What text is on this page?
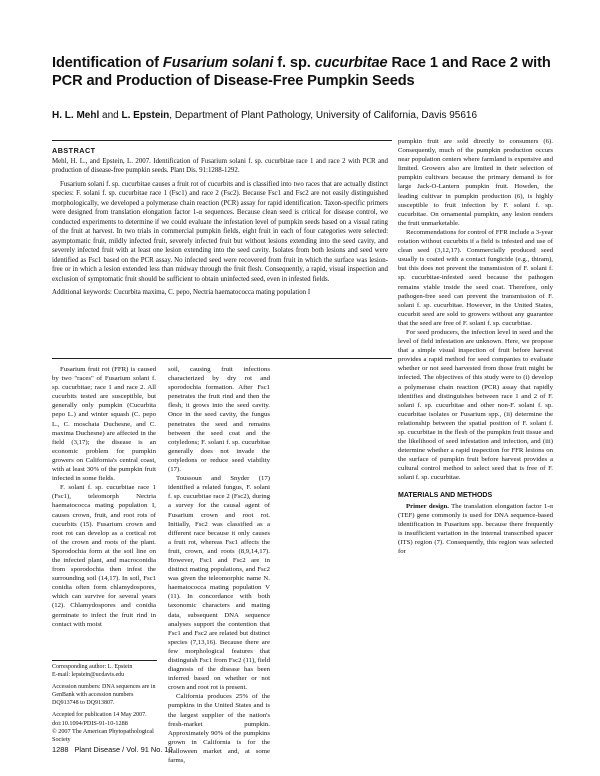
Identification of Fusarium solani f. sp. cucurbitae Race 1 and Race 2 with PCR and Production of Disease-Free Pumpkin Seeds
H. L. Mehl and L. Epstein, Department of Plant Pathology, University of California, Davis 95616
ABSTRACT

Mehl, H. L., and Epstein, L. 2007. Identification of Fusarium solani f. sp. cucurbitae race 1 and race 2 with PCR and production of disease-free pumpkin seeds. Plant Dis. 91:1288-1292.

Fusarium solani f. sp. cucurbitae causes a fruit rot of cucurbits and is classified into two races that are actually distinct species: F. solani f. sp. cucurbitae race 1 (Fsc1) and race 2 (Fsc2). Because Fsc1 and Fsc2 are not easily distinguished morphologically, we developed a polymerase chain reaction (PCR) assay for rapid identification. Taxon-specific primers were designed from translation elongation factor 1-α sequences. Because clean seed is critical for disease control, we conducted experiments to determine if we could evaluate the infestation level of pumpkin seeds based on a visual rating of the fruit at harvest. In two trials in commercial pumpkin fields, eight fruit in each of four categories were selected: asymptomatic fruit, mildly infected fruit, severely infected fruit but without lesions extending into the seed cavity, and severely infected fruit with at least one lesion extending into the seed cavity. Isolates from both lesions and seed were identified as Fsc1 based on the PCR assay. No infected seed were recovered from fruit in which the surface was lesion-free or in which a lesion extended less than midway through the fruit flesh. Consequently, a rapid, visual inspection and exclusion of symptomatic fruit should be sufficient to obtain uninfected seed, even in infested fields.

Additional keywords: Cucurbita maxima, C. pepo, Nectria haematococca mating population I

Fusarium fruit rot (FFR) is caused by two "races" of Fusarium solani f. sp. cucurbitae; race 1 and race 2. All cucurbits tested are susceptible, but generally only pumpkin (Cucurbita pepo L.) and winter squash (C. pepo L., C. moschata Duchesne, and C. maxima Duchesne) are affected in the field (3,17); the disease is an economic problem for pumpkin growers on California's central coast, with at least 30% of the pumpkin fruit infected in some fields.

F. solani f. sp. cucurbitae race 1 (Fsc1), teleomorph Nectria haematococca mating population I, causes crown, fruit, and root rots of cucurbits (15). Fusarium crown and root rot can develop as a cortical rot of the crown and roots of the plant. Sporodochia form at the soil line on the infected plant, and macroconidia from sporodochia then infest the surrounding soil (14,17). In soil, Fsc1 conidia often form chlamydospores, which can survive for several years (12). Chlamydospores and conidia germinate to infect the fruit rind in contact with moist

Corresponding author: L. Epstein
E-mail: lepstein@ucdavis.edu
Accession numbers: DNA sequences are in GenBank with accession numbers DQ913748 to DQ913807.
Accepted for publication 14 May 2007.
doi:10.1094/PDIS-91-10-1288
© 2007 The American Phytopathological Society

soil, causing fruit infections characterized by dry rot and sporodochia formation. After Fsc1 penetrates the fruit rind and then the flesh, it grows into the seed cavity. Once in the seed cavity, the fungus penetrates the seed and remains between the seed coat and the cotyledons; F. solani f. sp. cucurbitae generally does not invade the cotyledons or reduce seed viability (17).

Toussoun and Snyder (17) identified a related fungus, F. solani f. sp. cucurbitae race 2 (Fsc2), during a survey for the causal agent of Fusarium crown and root rot. Initially, Fsc2 was classified as a different race because it only causes a fruit rot, whereas Fsc1 affects the fruit, crown, and roots (8,9,14,17). However, Fsc1 and Fsc2 are in distinct mating populations, and Fsc2 was given the teleomorphic name N. haematococca mating population V (11). In concordance with both taxonomic characters and mating data, subsequent DNA sequence analyses support the contention that Fsc1 and Fsc2 are related but distinct species (7,13,16). Because there are few morphological features that distinguish Fsc1 from Fsc2 (11), field diagnosis of the disease has been inferred based on whether or not crown and root rot is present.

California produces 25% of the pumpkins in the United States and is the largest supplier of the nation's fresh-market pumpkin. Approximately 90% of the pumpkins grown in California is for the Halloween market and, at some farms,

pumpkin fruit are sold directly to consumers (6). Consequently, much of the pumpkin production occurs near population centers where farmland is expensive and limited. Growers also are limited in their selection of pumpkin cultivars because the primary demand is for large Jack-O-Lantern pumpkin fruit. Howden, the leading cultivar in pumpkin production (6), is highly susceptible to fruit infection by F. solani f. sp. cucurbitae. On ornamental pumpkin, any lesion renders the fruit unmarketable.

Recommendations for control of FFR include a 3-year rotation without cucurbits if a field is infested and use of clean seed (3,12,17). Commercially produced seed usually is coated with a contact fungicide (e.g., thiram), but this does not prevent the transmission of F. solani f. sp. cucurbitae-infested seed because the pathogen remains viable inside the seed coat. Therefore, only pathogen-free seed can prevent the transmission of F. solani f. sp. cucurbitae. However, in the United States, cucurbit seed are sold to growers without any guarantee that the seed are free of F. solani f. sp. cucurbitae.

For seed producers, the infection level in seed and the level of field infestation are unknown. Here, we propose that a simple visual inspection of fruit before harvest provides a rapid method for seed companies to evaluate whether or not seed harvested from those fruit might be infected. The objectives of this study were to (i) develop a polymerase chain reaction (PCR) assay that rapidly identifies and distinguishes between race 1 and 2 of F. solani f. sp. cucurbitae and other non-F. solani f. sp. cucurbitae isolates or Fusarium spp., (ii) determine the relationship between the spatial position of F. solani f. sp. cucurbitae in the flesh of the pumpkin fruit tissue and the likelihood of seed infestation and infection, and (iii) determine whether a rapid inspection for FFR lesions on the surface of pumpkin fruit before harvest provides a cultural control method to select seed that is free of F. solani f. sp. cucurbitae.

MATERIALS AND METHODS

Primer design. The translation elongation factor 1-α (TEF) gene commonly is used for DNA sequence-based identification in Fusarium spp. because there frequently is insufficient variation in the internal transcribed spacer (ITS) region (7). Consequently, this region was selected for

1288 Plant Disease / Vol. 91 No. 10
